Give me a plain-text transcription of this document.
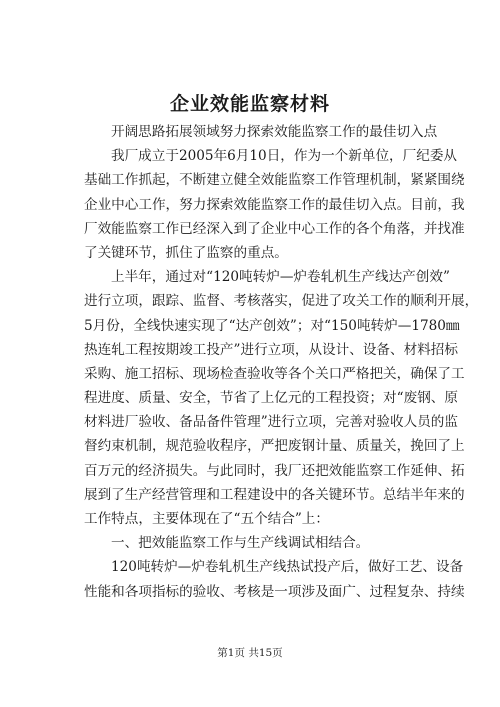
企业效能监察材料
开阔思路拓展领域努力探索效能监察工作的最佳切入点
我厂成立于2005年6月10日，作为一个新单位，厂纪委从
基础工作抓起，不断建立健全效能监察工作管理机制，紧紧围绕
企业中心工作，努力探索效能监察工作的最佳切入点。目前，我
厂效能监察工作已经深入到了企业中心工作的各个角落，并找准
了关键环节，抓住了监察的重点。
上半年，通过对“120吨转炉—炉卷轧机生产线达产创效”
进行立项，跟踪、监督、考核落实，促进了攻关工作的顺利开展，
5月份，全线快速实现了“达产创效”；对“150吨转炉—1780㎜
热连轧工程按期竣工投产”进行立项，从设计、设备、材料招标
采购、施工招标、现场检查验收等各个关口严格把关，确保了工
程进度、质量、安全，节省了上亿元的工程投资；对“废钢、原
材料进厂验收、备品备件管理”进行立项，完善对验收人员的监
督约束机制，规范验收程序，严把废钢计量、质量关，挽回了上
百万元的经济损失。与此同时，我厂还把效能监察工作延伸、拓
展到了生产经营管理和工程建设中的各关键环节。总结半年来的
工作特点，主要体现在了“五个结合”上：
一、把效能监察工作与生产线调试相结合。
120吨转炉—炉卷轧机生产线热试投产后，做好工艺、设备
性能和各项指标的验收、考核是一项涉及面广、过程复杂、持续
第1页 共15页
